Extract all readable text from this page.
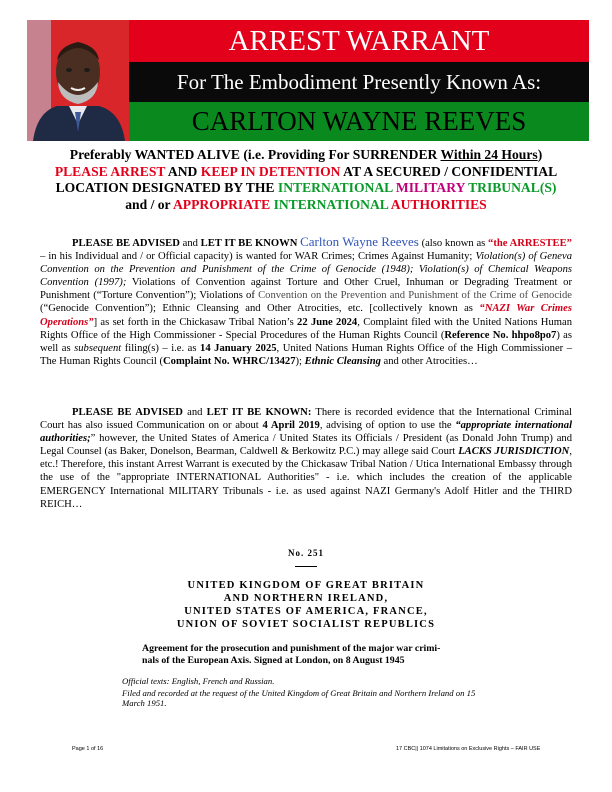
ARREST WARRANT
For The Embodiment Presently Known As:
CARLTON WAYNE REEVES
Preferably WANTED ALIVE (i.e. Providing For SURRENDER Within 24 Hours)
PLEASE ARREST AND KEEP IN DETENTION AT A SECURED / CONFIDENTIAL
LOCATION DESIGNATED BY THE INTERNATIONAL MILITARY TRIBUNAL(S)
and / or APPROPRIATE INTERNATIONAL AUTHORITIES

PLEASE BE ADVISED and LET IT BE KNOWN Carlton Wayne Reeves (also known as “the ARRESTEE” – in his Individual and / or Official capacity) is wanted for WAR Crimes; Crimes Against Humanity; Violation(s) of Geneva Convention on the Prevention and Punishment of the Crime of Genocide (1948); Violation(s) of Chemical Weapons Convention (1997); Violations of Convention against Torture and Other Cruel, Inhuman or Degrading Treatment or Punishment (“Torture Convention”); Violations of Convention on the Prevention and Punishment of the Crime of Genocide (“Genocide Convention”); Ethnic Cleansing and Other Atrocities, etc. [collectively known as “NAZI War Crimes Operations”] as set forth in the Chickasaw Tribal Nation’s 22 June 2024, Complaint filed with the United Nations Human Rights Office of the High Commissioner - Special Procedures of the Human Rights Council (Reference No. hhpo8po7) as well as subsequent filing(s) – i.e. as 14 January 2025, United Nations Human Rights Office of the High Commissioner – The Human Rights Council (Complaint No. WHRC/13427); Ethnic Cleansing and other Atrocities…

PLEASE BE ADVISED and LET IT BE KNOWN: There is recorded evidence that the International Criminal Court has also issued Communication on or about 4 April 2019, advising of option to use the “appropriate international authorities;” however, the United States of America / United States its Officials / President (as Donald John Trump) and Legal Counsel (as Baker, Donelson, Bearman, Caldwell & Berkowitz P.C.) may allege said Court LACKS JURISDICTION, etc.! Therefore, this instant Arrest Warrant is executed by the Chickasaw Tribal Nation / Utica International Embassy through the use of the "appropriate INTERNATIONAL Authorities" - i.e. which includes the creation of the applicable EMERGENCY International MILITARY Tribunals - i.e. as used against NAZI Germany's Adolf Hitler and the THIRD REICH…

No. 251
UNITED KINGDOM OF GREAT BRITAIN
AND NORTHERN IRELAND,
UNITED STATES OF AMERICA, FRANCE,
UNION OF SOVIET SOCIALIST REPUBLICS
Agreement for the prosecution and punishment of the major war crimi-nals of the European Axis. Signed at London, on 8 August 1945
Official texts: English, French and Russian.
Filed and recorded at the request of the United Kingdom of Great Britain and Northern Ireland on 15 March 1951.
Page 1 of 16	17 CBC|| 1074 Limitations on Exclusive Rights – FAIR USE
